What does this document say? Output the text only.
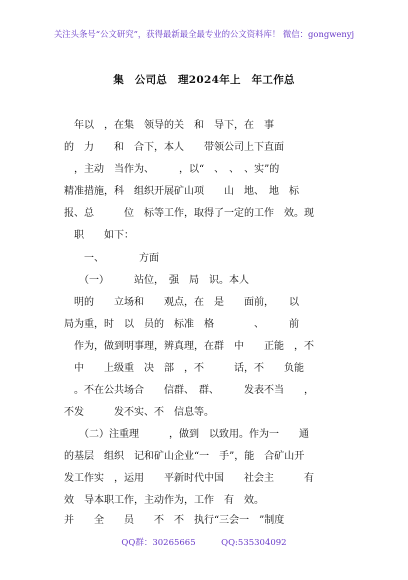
关注头条号“公文研究”，获得最新最全最专业的公文资料库！ 微信：gongwenyj
集　公司总　理2024年上　年工作总
　年以　，在集　领导的关　和　导下，在　事
的　力　　和　合下，本人　　带领公司上下直面
　，主动　当作为、　　　，以“　、　、　、实”的
精准措施，科　组织开展矿山项　　山　地、　地　标
报、总　　　位　标等工作，取得了一定的工作　效。现
　职　　如下：
　　一、　　　　方面
　　（一）　　　站位，　强　局　识。本人
　明的　　立场和　　观点，在　是　　面前，　　以
局为重，时　以　员的　标准　格　　　　、　　　前
　作为，做到明事理，辨真理，在群　中　　正能　，不
　中　　上级重　决　部　，不　　　话，不　　负能
　。不在公共场合　　信群、　群、　　　发表不当　　，
不发　　　发不实、不　信息等。
　　（二）注重理　　　，做到　以致用。作为一　　通
的基层　组织　记和矿山企业“一　手”，能　合矿山开
发工作实　，运用　　平新时代中国　　社会主　　　有
效　导本职工作，主动作为，工作　有　效。
并　　全　　员　　不　不　执行“三会一　”制度
QQ群：30265665　　　QQ:535304092
